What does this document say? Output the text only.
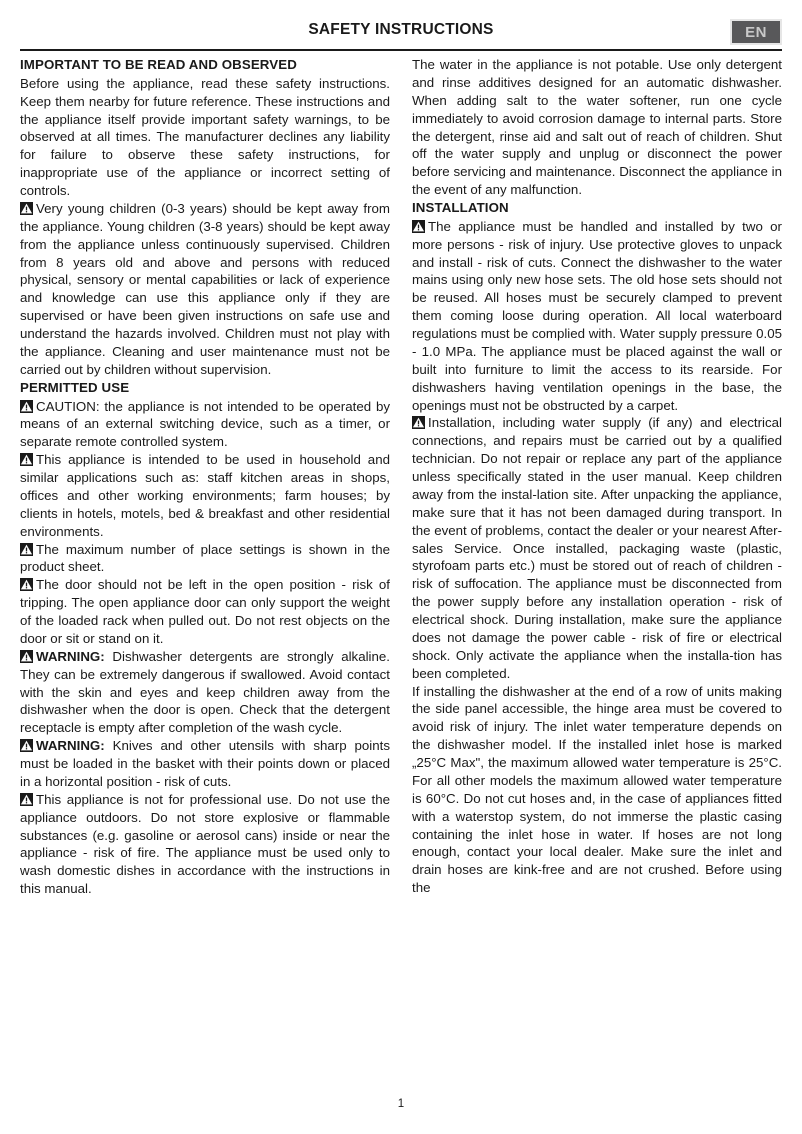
SAFETY INSTRUCTIONS	EN
IMPORTANT TO BE READ AND OBSERVED

Before using the appliance, read these safety instructions. Keep them nearby for future reference. These instructions and the appliance itself provide important safety warnings, to be observed at all times. The manufacturer declines any liability for failure to observe these safety instructions, for inappropriate use of the appliance or incorrect setting of controls.

Very young children (0-3 years) should be kept away from the appliance. Young children (3-8 years) should be kept away from the appliance unless continuously supervised. Children from 8 years old and above and persons with reduced physical, sensory or mental capabilities or lack of experience and knowledge can use this appliance only if they are supervised or have been given instructions on safe use and understand the hazards involved. Children must not play with the appliance. Cleaning and user maintenance must not be carried out by children without supervision.

PERMITTED USE

CAUTION: the appliance is not intended to be operated by means of an external switching device, such as a timer, or separate remote controlled system.

This appliance is intended to be used in household and similar applications such as: staff kitchen areas in shops, offices and other working environments; farm houses; by clients in hotels, motels, bed & breakfast and other residential environments.

The maximum number of place settings is shown in the product sheet.

The door should not be left in the open position - risk of tripping. The open appliance door can only support the weight of the loaded rack when pulled out. Do not rest objects on the door or sit or stand on it.

WARNING: Dishwasher detergents are strongly alkaline. They can be extremely dangerous if swallowed. Avoid contact with the skin and eyes and keep children away from the dishwasher when the door is open. Check that the detergent receptacle is empty after completion of the wash cycle.

WARNING: Knives and other utensils with sharp points must be loaded in the basket with their points down or placed in a horizontal position - risk of cuts.

This appliance is not for professional use. Do not use the appliance outdoors. Do not store explosive or flammable substances (e.g. gasoline or aerosol cans) inside or near the appliance - risk of fire. The appliance must be used only to wash domestic dishes in accordance with the instructions in this manual.

The water in the appliance is not potable. Use only detergent and rinse additives designed for an automatic dishwasher. When adding salt to the water softener, run one cycle immediately to avoid corrosion damage to internal parts. Store the detergent, rinse aid and salt out of reach of children. Shut off the water supply and unplug or disconnect the power before servicing and maintenance. Disconnect the appliance in the event of any malfunction.

INSTALLATION

The appliance must be handled and installed by two or more persons - risk of injury. Use protective gloves to unpack and install - risk of cuts. Connect the dishwasher to the water mains using only new hose sets. The old hose sets should not be reused. All hoses must be securely clamped to prevent them coming loose during operation. All local waterboard regulations must be complied with. Water supply pressure 0.05 - 1.0 MPa. The appliance must be placed against the wall or built into furniture to limit the access to its rearside. For dishwashers having ventilation openings in the base, the openings must not be obstructed by a carpet.

Installation, including water supply (if any) and electrical connections, and repairs must be carried out by a qualified technician. Do not repair or replace any part of the appliance unless specifically stated in the user manual. Keep children away from the instal-lation site. After unpacking the appliance, make sure that it has not been damaged during transport. In the event of problems, contact the dealer or your nearest After-sales Service. Once installed, packaging waste (plastic, styrofoam parts etc.) must be stored out of reach of children - risk of suffocation. The appliance must be disconnected from the power supply before any installation operation - risk of electrical shock. During installation, make sure the appliance does not damage the power cable - risk of fire or electrical shock. Only activate the appliance when the installa-tion has been completed.

If installing the dishwasher at the end of a row of units making the side panel accessible, the hinge area must be covered to avoid risk of injury. The inlet water temperature depends on the dishwasher model. If the installed inlet hose is marked „25°C Max", the maximum allowed water temperature is 25°C. For all other models the maximum allowed water temperature is 60°C. Do not cut hoses and, in the case of appliances fitted with a waterstop system, do not immerse the plastic casing containing the inlet hose in water. If hoses are not long enough, contact your local dealer. Make sure the inlet and drain hoses are kink-free and are not crushed. Before using the

1
